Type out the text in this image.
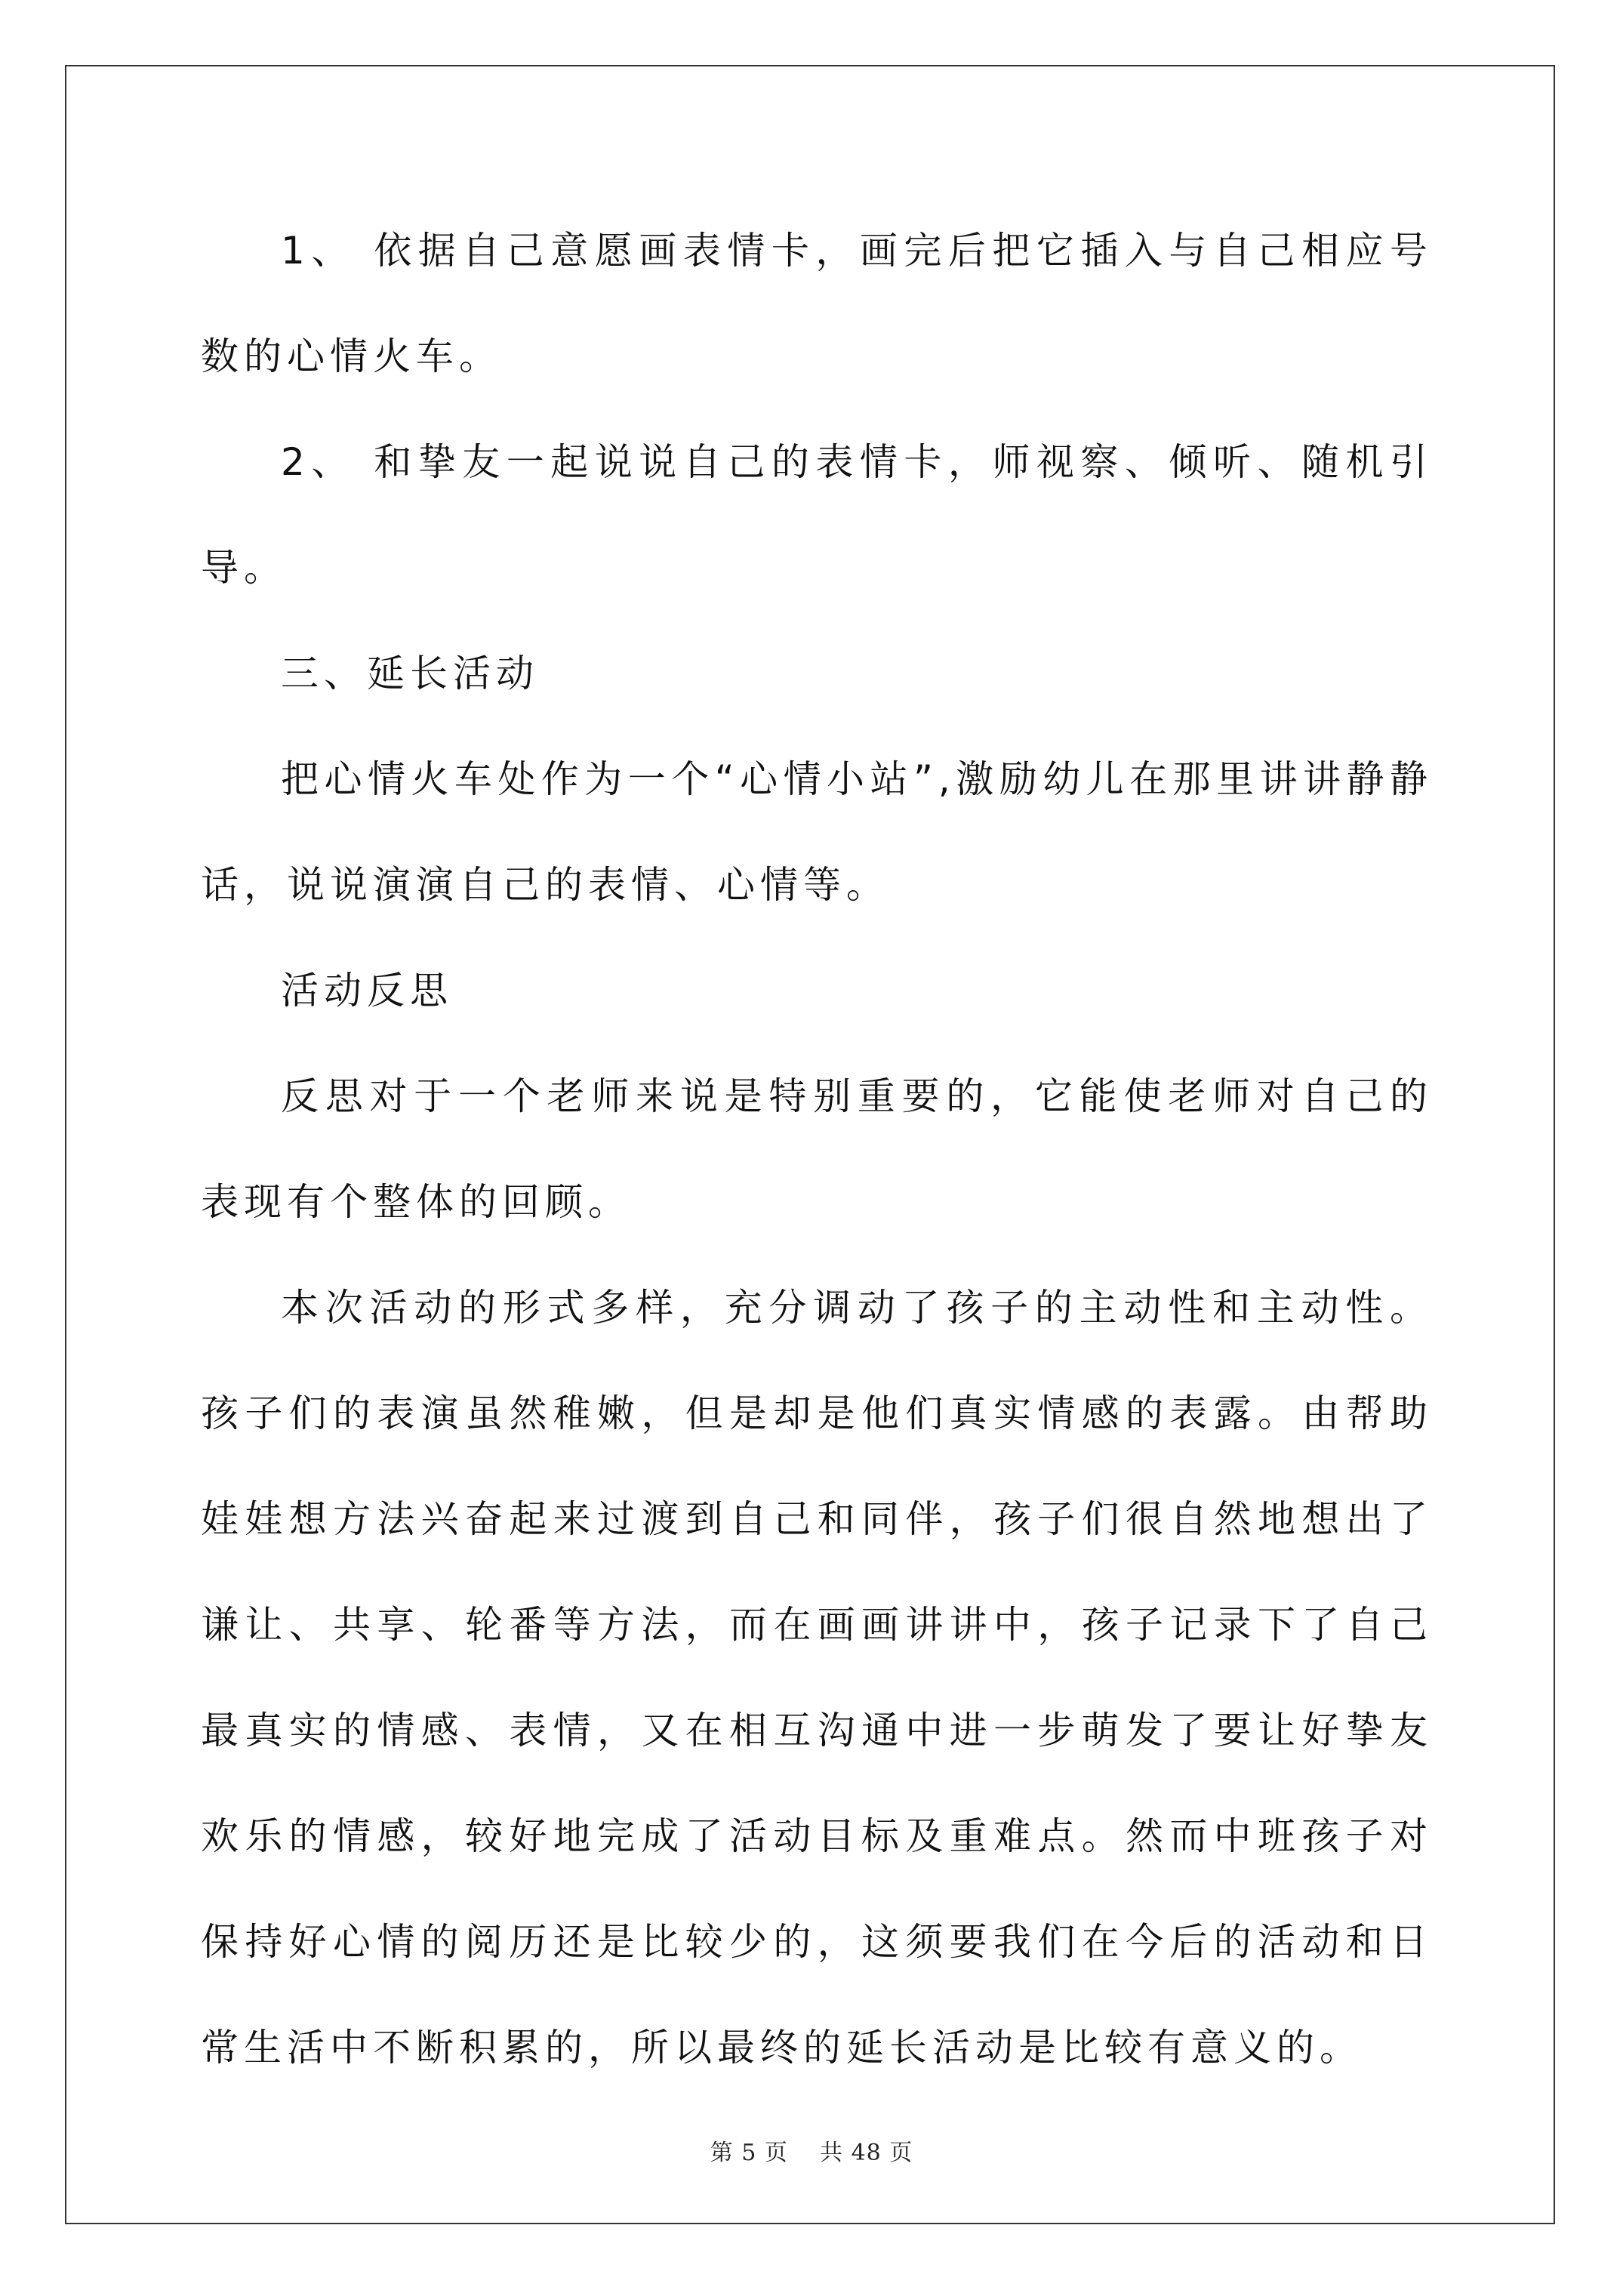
1、 依据自己意愿画表情卡，画完后把它插入与自己相应号数的心情火车。

2、 和挚友一起说说自己的表情卡，师视察、倾听、随机引导。

三、延长活动

把心情火车处作为一个“心情小站”,激励幼儿在那里讲讲静静话，说说演演自己的表情、心情等。

活动反思

反思对于一个老师来说是特别重要的，它能使老师对自己的表现有个整体的回顾。

本次活动的形式多样，充分调动了孩子的主动性和主动性。孩子们的表演虽然稚嫩，但是却是他们真实情感的表露。由帮助娃娃想方法兴奋起来过渡到自己和同伴，孩子们很自然地想出了谦让、共享、轮番等方法，而在画画讲讲中，孩子记录下了自己最真实的情感、表情，又在相互沟通中进一步萌发了要让好挚友欢乐的情感，较好地完成了活动目标及重难点。然而中班孩子对保持好心情的阅历还是比较少的，这须要我们在今后的活动和日常生活中不断积累的，所以最终的延长活动是比较有意义的。

第 5 页 共 48 页
